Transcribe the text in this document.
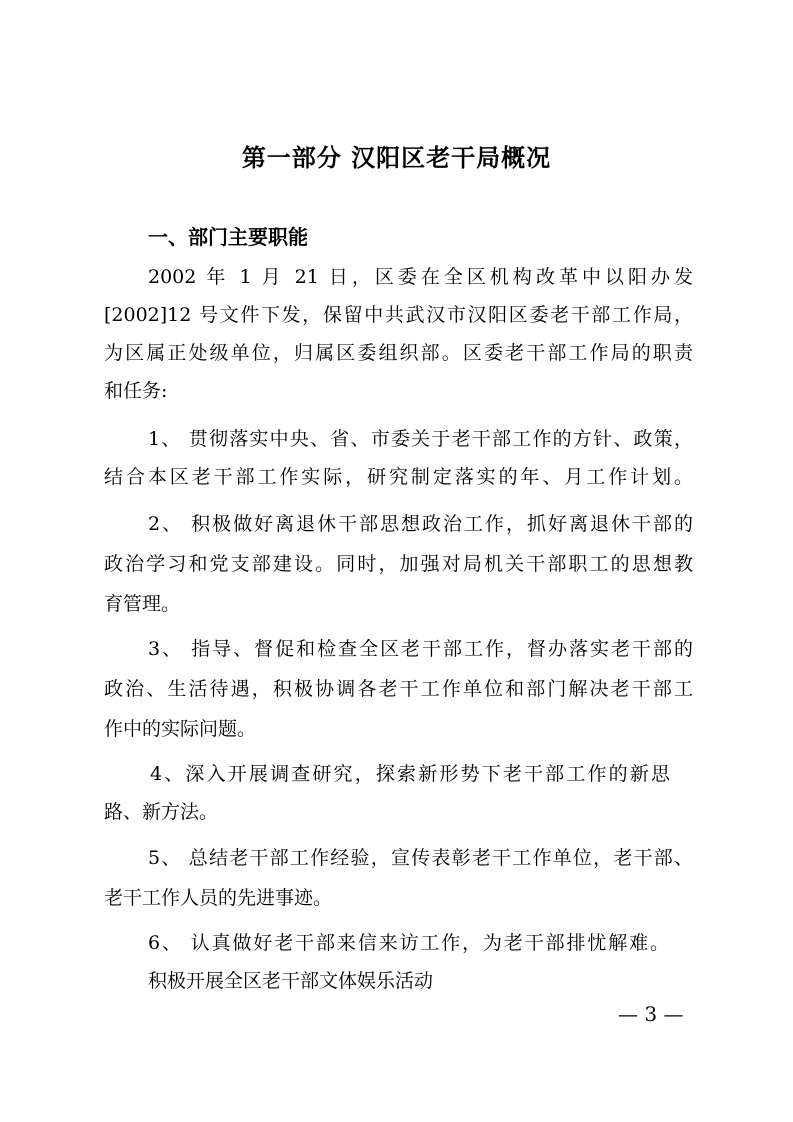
第一部分 汉阳区老干局概况
一、部门主要职能
2002 年 1 月 21 日，区委在全区机构改革中以阳办发
[2002]12 号文件下发，保留中共武汉市汉阳区委老干部工作局，
为区属正处级单位，归属区委组织部。区委老干部工作局的职责
和任务:
1、 贯彻落实中央、省、市委关于老干部工作的方针、政策，
结合本区老干部工作实际，研究制定落实的年、月工作计划。
2、 积极做好离退休干部思想政治工作，抓好离退休干部的
政治学习和党支部建设。同时，加强对局机关干部职工的思想教
育管理。
3、 指导、督促和检查全区老干部工作，督办落实老干部的
政治、生活待遇，积极协调各老干工作单位和部门解决老干部工
作中的实际问题。
4、深入开展调查研究，探索新形势下老干部工作的新思
路、新方法。
5、 总结老干部工作经验，宣传表彰老干工作单位，老干部、
老干工作人员的先进事迹。
6、 认真做好老干部来信来访工作，为老干部排忧解难。
积极开展全区老干部文体娱乐活动
— 3 —
